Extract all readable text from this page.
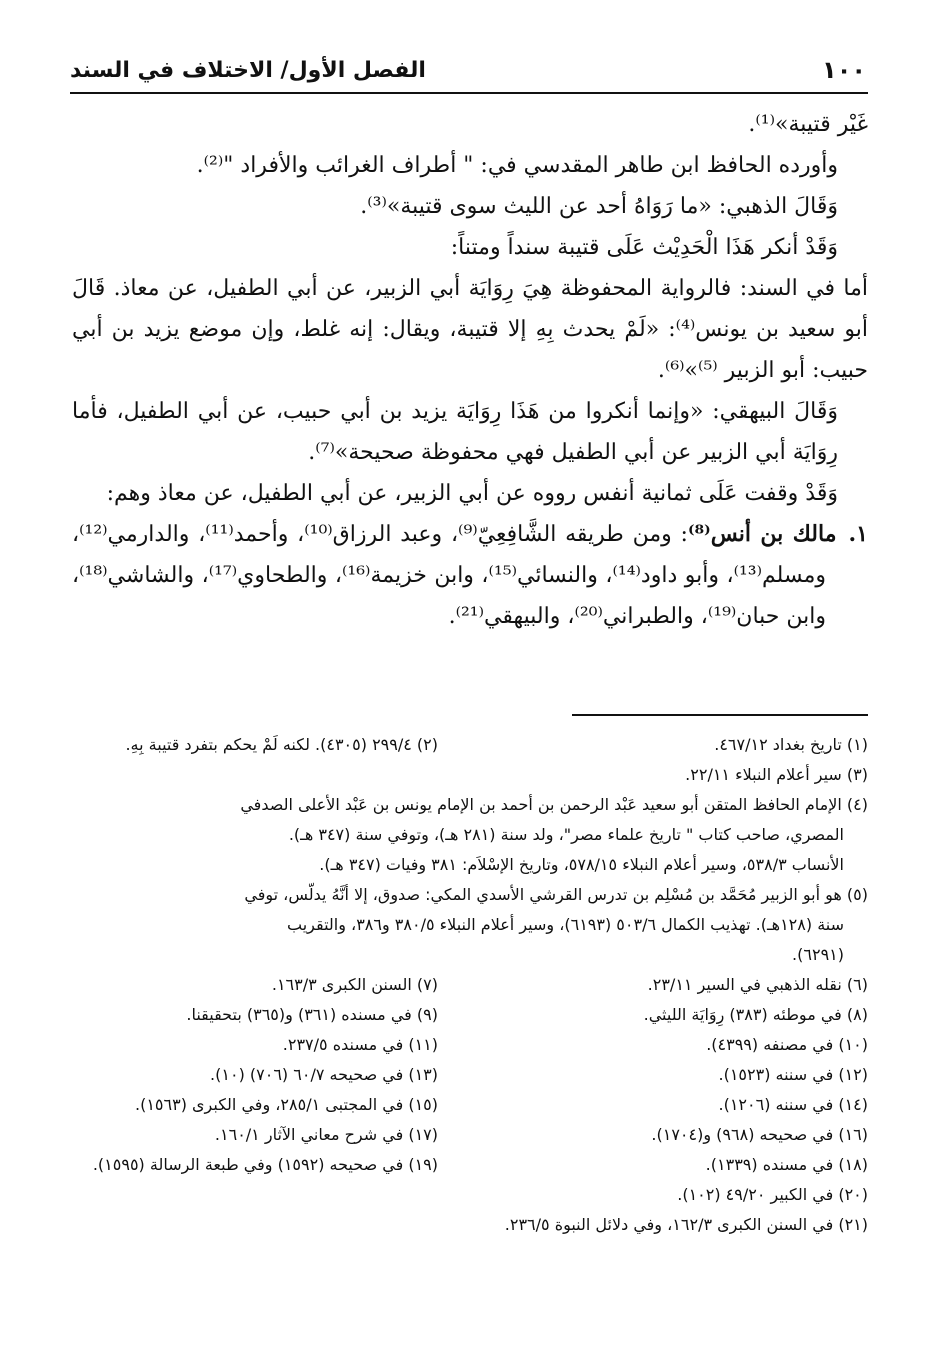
١٠٠
الفصل الأول/ الاختلاف في السند

غَيْر قتيبة»⁽¹⁾.

وأورده الحافظ ابن طاهر المقدسي في: " أطراف الغرائب والأفراد "⁽²⁾.

وَقَالَ الذهبي: «ما رَوَاهُ أحد عن الليث سوى قتيبة»⁽³⁾.

وَقَدْ أنكر هَذَا الْحَدِيْث عَلَى قتيبة سنداً ومتناً:

أما في السند: فالرواية المحفوظة هِيَ رِوَايَة أبي الزبير، عن أبي الطفيل، عن معاذ. قَالَ أبو سعيد بن يونس⁽⁴⁾: «لَمْ يحدث بِهِ إلا قتيبة، ويقال: إنه غلط، وإن موضع يزيد بن أبي حبيب: أبو الزبير ⁽⁵⁾»⁽⁶⁾.

وَقَالَ البيهقي: «وإنما أنكروا من هَذَا رِوَايَة يزيد بن أبي حبيب، عن أبي الطفيل، فأما رِوَايَة أبي الزبير عن أبي الطفيل فهي محفوظة صحيحة»⁽⁷⁾.

وَقَدْ وقفت عَلَى ثمانية أنفس رووه عن أبي الزبير، عن أبي الطفيل، عن معاذ وهم:

١.مالك بن أنس⁽⁸⁾: ومن طريقه الشَّافِعِيّ⁽⁹⁾، وعبد الرزاق⁽¹⁰⁾، وأحمد⁽¹¹⁾، والدارمي⁽¹²⁾، ومسلم⁽¹³⁾، وأبو داود⁽¹⁴⁾، والنسائي⁽¹⁵⁾، وابن خزيمة⁽¹⁶⁾، والطحاوي⁽¹⁷⁾، والشاشي⁽¹⁸⁾، وابن حبان⁽¹⁹⁾، والطبراني⁽²⁰⁾، والبيهقي⁽²¹⁾.

(١) تاريخ بغداد ٤٦٧/١٢.
(٢) ٢٩٩/٤ (٤٣٠٥). لكنه لَمْ يحكم بتفرد قتيبة بِهِ.
(٣) سير أعلام النبلاء ٢٢/١١.
(٤) الإمام الحافظ المتقن أبو سعيد عَبْد الرحمن بن أحمد بن الإمام يونس بن عَبْد الأعلى الصدفي
المصري، صاحب كتاب " تاريخ علماء مصر"، ولد سنة (٢٨١ هـ)، وتوفي سنة (٣٤٧ هـ).
الأنساب ٥٣٨/٣، وسير أعلام النبلاء ٥٧٨/١٥، وتاريخ الإسْلاَم: ٣٨١ وفيات (٣٤٧ هـ).
(٥) هو أبو الزبير مُحَمَّد بن مُسْلِم بن تدرس القرشي الأسدي المكي: صدوق، إلا أنَّهُ يدلّس، توفي
سنة (١٢٨هـ). تهذيب الكمال ٥٠٣/٦ (٦١٩٣)، وسير أعلام النبلاء ٣٨٠/٥ و٣٨٦، والتقريب
(٦٢٩١).
(٦) نقله الذهبي في السير ٢٣/١١.
(٧) السنن الكبرى ١٦٣/٣.
(٨) في موطئه (٣٨٣) رِوَايَة الليثي.
(٩) في مسنده (٣٦١) و(٣٦٥) بتحقيقنا.
(١٠) في مصنفه (٤٣٩٩).
(١١) في مسنده ٢٣٧/٥.
(١٢) في سننه (١٥٢٣).
(١٣) في صحيحه ٦٠/٧ (٧٠٦) (١٠).
(١٤) في سننه (١٢٠٦).
(١٥) في المجتبى ٢٨٥/١، وفي الكبرى (١٥٦٣).
(١٦) في صحيحه (٩٦٨) و(١٧٠٤).
(١٧) في شرح معاني الآثار ١٦٠/١.
(١٨) في مسنده (١٣٣٩).
(١٩) في صحيحه (١٥٩٢) وفي طبعة الرسالة (١٥٩٥).
(٢٠) في الكبير ٤٩/٢٠ (١٠٢).
(٢١) في السنن الكبرى ١٦٢/٣، وفي دلائل النبوة ٢٣٦/٥.
